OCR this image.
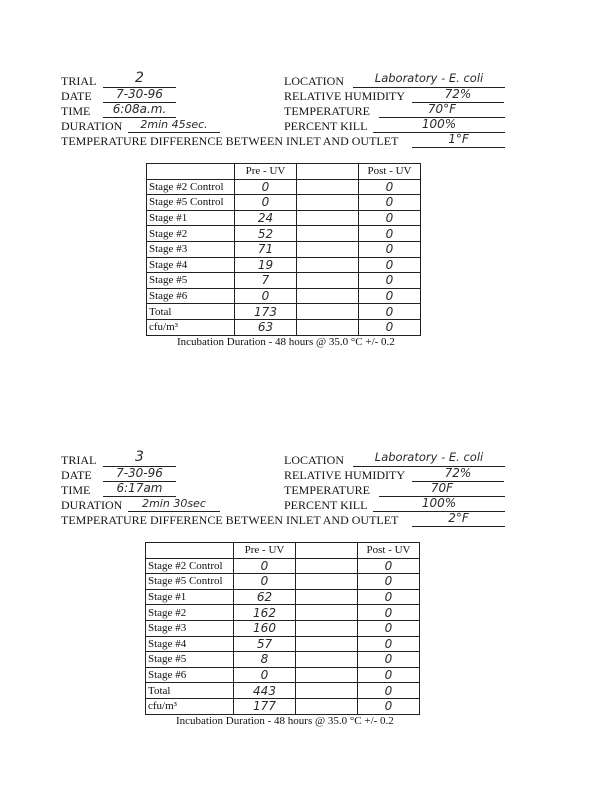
TRIAL	2
DATE	7-30-96
TIME	6:08a.m.
DURATION	2min 45sec.
LOCATION	Laboratory - E. coli
RELATIVE HUMIDITY	72%
TEMPERATURE	70°F
PERCENT KILL	100%
TEMPERATURE DIFFERENCE BETWEEN INLET AND OUTLET	1°F
	Pre - UV		Post - UV
Stage #2 Control	0		0
Stage #5 Control	0		0
Stage #1	24		0
Stage #2	52		0
Stage #3	71		0
Stage #4	19		0
Stage #5	7		0
Stage #6	0		0
Total	173		0
cfu/m³	63		0
Incubation Duration - 48 hours @ 35.0 °C +/- 0.2
TRIAL	3
DATE	7-30-96
TIME	6:17am
DURATION	2min 30sec
LOCATION	Laboratory - E. coli
RELATIVE HUMIDITY	72%
TEMPERATURE	70F
PERCENT KILL	100%
TEMPERATURE DIFFERENCE BETWEEN INLET AND OUTLET	2°F
	Pre - UV		Post - UV
Stage #2 Control	0		0
Stage #5 Control	0		0
Stage #1	62		0
Stage #2	162		0
Stage #3	160		0
Stage #4	57		0
Stage #5	8		0
Stage #6	0		0
Total	443		0
cfu/m³	177		0
Incubation Duration - 48 hours @ 35.0 °C +/- 0.2
